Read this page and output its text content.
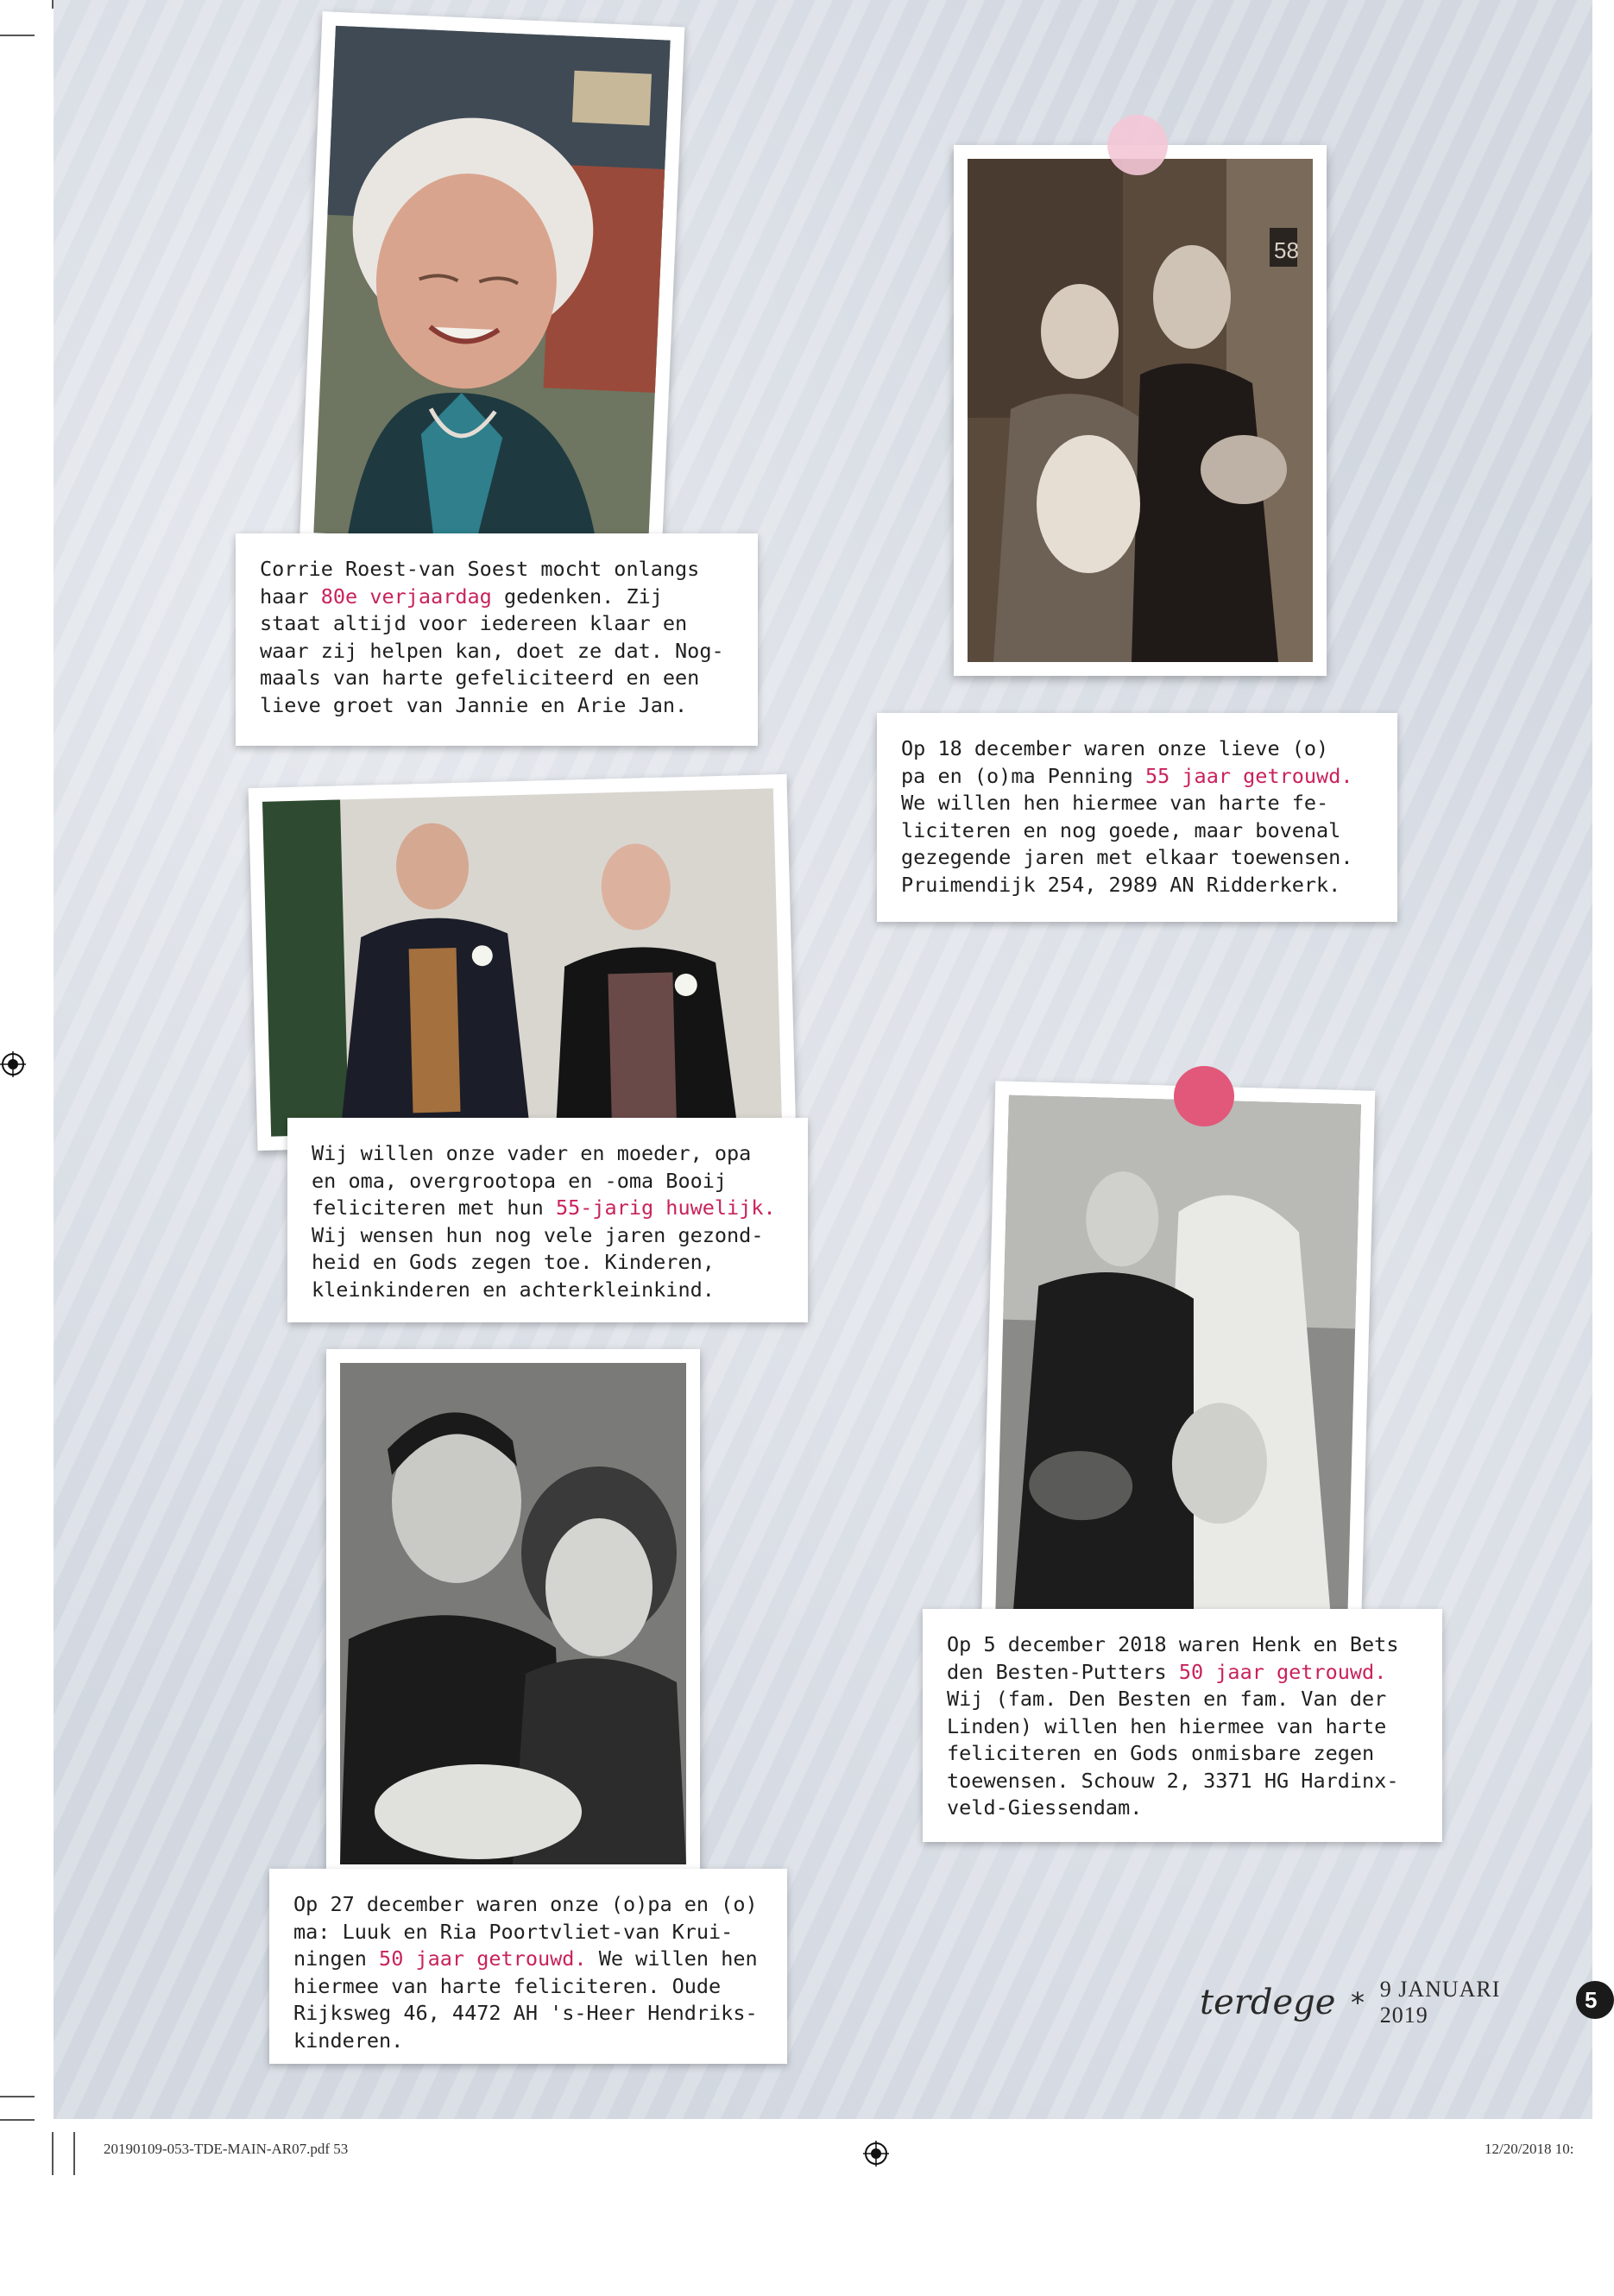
Corrie Roest-van Soest mocht onlangs
haar 80e verjaardag gedenken. Zij
staat altijd voor iedereen klaar en
waar zij helpen kan, doet ze dat. Nog-
maals van harte gefeliciteerd en een
lieve groet van Jannie en Arie Jan.

58

Op 18 december waren onze lieve (o)
pa en (o)ma Penning 55 jaar getrouwd.
We willen hen hiermee van harte fe-
liciteren en nog goede, maar bovenal
gezegende jaren met elkaar toewensen.
Pruimendijk 254, 2989 AN Ridderkerk.

Wij willen onze vader en moeder, opa
en oma, overgrootopa en -oma Booij
feliciteren met hun 55-jarig huwelijk.
Wij wensen hun nog vele jaren gezond-
heid en Gods zegen toe. Kinderen,
kleinkinderen en achterkleinkind.

Op 5 december 2018 waren Henk en Bets
den Besten-Putters 50 jaar getrouwd.
Wij (fam. Den Besten en fam. Van der
Linden) willen hen hiermee van harte
feliciteren en Gods onmisbare zegen
toewensen. Schouw 2, 3371 HG Hardinx-
veld-Giessendam.

Op 27 december waren onze (o)pa en (o)
ma: Luuk en Ria Poortvliet-van Krui-
ningen 50 jaar getrouwd. We willen hen
hiermee van harte feliciteren. Oude
Rijksweg 46, 4472 AH 's-Heer Hendriks-
kinderen.

terdege * 9 JANUARI 2019
5
20190109-053-TDE-MAIN-AR07.pdf 53	12/20/2018 10:
